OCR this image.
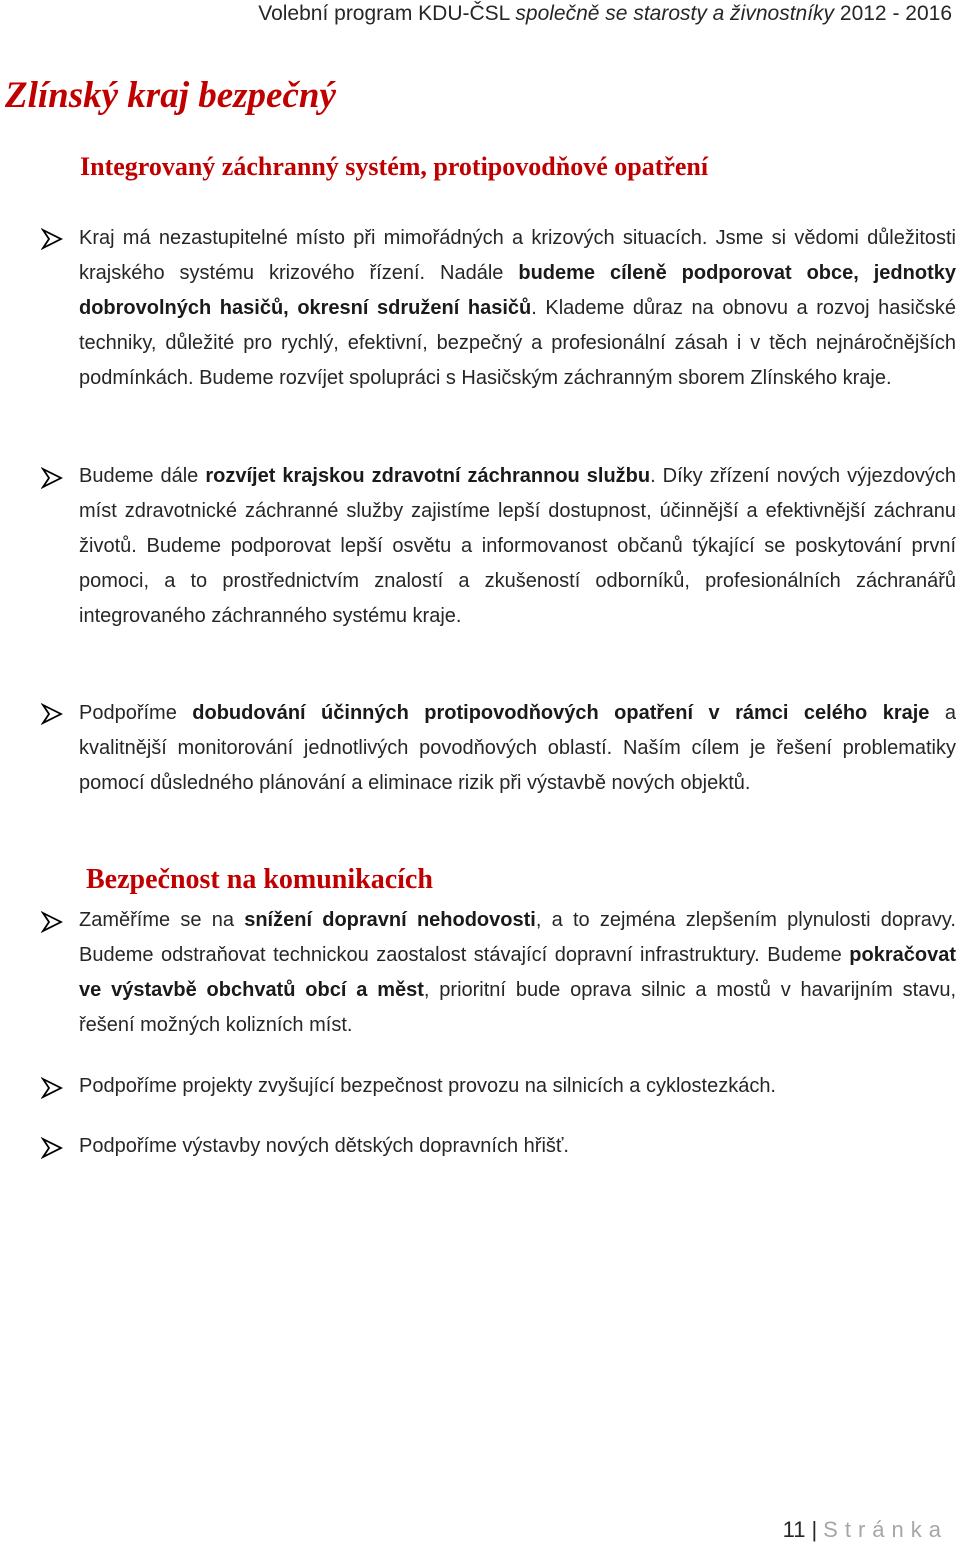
Volební program KDU-ČSL společně se starosty a živnostníky 2012 - 2016
Zlínský kraj bezpečný
Integrovaný záchranný systém, protipovodňové opatření

Kraj má nezastupitelné místo při mimořádných a krizových situacích. Jsme si vědomi důležitosti krajského systému krizového řízení. Nadále budeme cíleně podporovat obce, jednotky dobrovolných hasičů, okresní sdružení hasičů. Klademe důraz na obnovu a rozvoj hasičské techniky, důležité pro rychlý, efektivní, bezpečný a profesionální zásah i v těch nejnáročnějších podmínkách. Budeme rozvíjet spolupráci s Hasičským záchranným sborem Zlínského kraje.

Budeme dále rozvíjet krajskou zdravotní záchrannou službu. Díky zřízení nových výjezdových míst zdravotnické záchranné služby zajistíme lepší dostupnost, účinnější a efektivnější záchranu životů. Budeme podporovat lepší osvětu a informovanost občanů týkající se poskytování první pomoci, a to prostřednictvím znalostí a zkušeností odborníků, profesionálních záchranářů integrovaného záchranného systému kraje.

Podpoříme dobudování účinných protipovodňových opatření v rámci celého kraje a kvalitnější monitorování jednotlivých povodňových oblastí. Naším cílem je řešení problematiky pomocí důsledného plánování a eliminace rizik při výstavbě nových objektů.

Bezpečnost na komunikacích

Zaměříme se na snížení dopravní nehodovosti, a to zejména zlepšením plynulosti dopravy. Budeme odstraňovat technickou zaostalost stávající dopravní infrastruktury. Budeme pokračovat ve výstavbě obchvatů obcí a měst, prioritní bude oprava silnic a mostů v havarijním stavu, řešení možných kolizních míst.

Podpoříme projekty zvyšující bezpečnost provozu na silnicích a cyklostezkách.

Podpoříme výstavby nových dětských dopravních hřišť.

11 | Stránka
